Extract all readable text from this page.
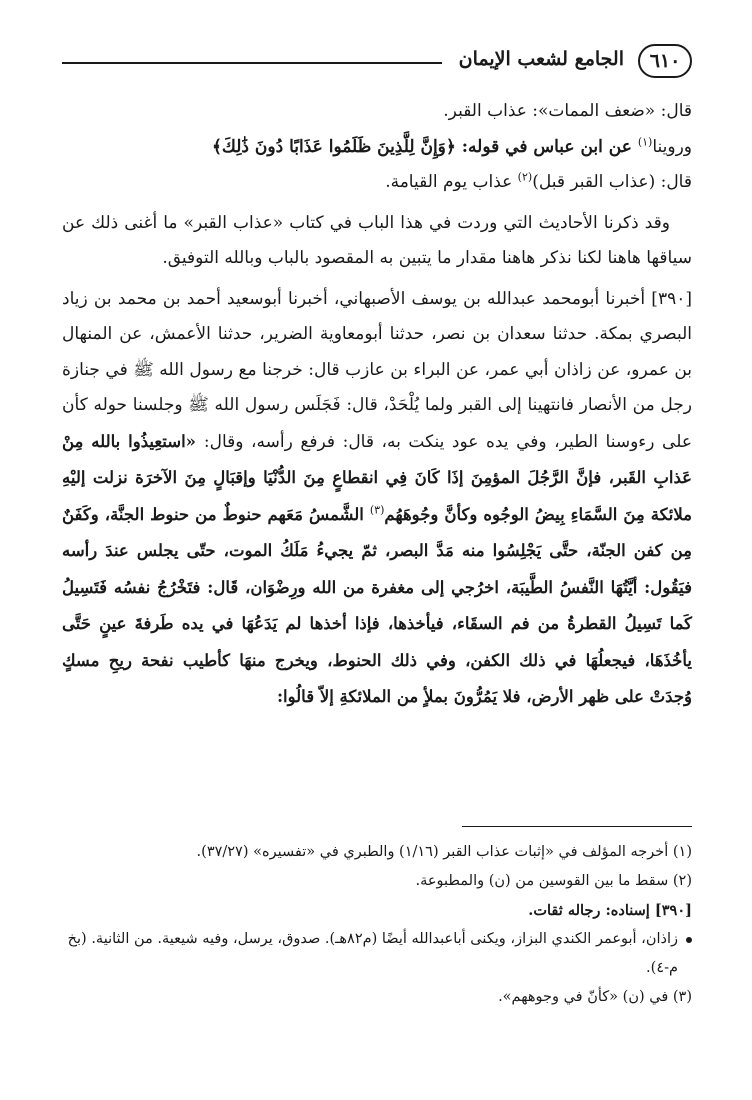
٦١٠
الجامع لشعب الإيمان

قال: «ضعف الممات»: عذاب القبر.

وروينا$^{(١)}$ عن ابن عباس في قوله: ﴿وَإِنَّ لِلَّذِينَ ظَلَمُوا عَذَابًا دُونَ ذَٰلِكَ﴾

قال: (عذاب القبر قبل)$^{(٢)}$ عذاب يوم القيامة.

وقد ذكرنا الأحاديث التي وردت في هذا الباب في كتاب «عذاب القبر» ما أغنى ذلك عن سياقها هاهنا لكنا نذكر هاهنا مقدار ما يتبين به المقصود بالباب وبالله التوفيق.

[٣٩٠] أخبرنا أبومحمد عبدالله بن يوسف الأصبهاني، أخبرنا أبوسعيد أحمد بن محمد بن زياد البصري بمكة. حدثنا سعدان بن نصر، حدثنا أبومعاوية الضرير، حدثنا الأعمش، عن المنهال بن عمرو، عن زاذان أبي عمر، عن البراء بن عازب قال: خرجنا مع رسول الله ﷺ في جنازة رجل من الأنصار فانتهينا إلى القبر ولما يُلْحَدْ، قال: فَجَلَس رسول الله ﷺ وجلسنا حوله كأن على رءوسنا الطير، وفي يده عود ينكت به، قال: فرفع رأسه، وقال: «استعِيذُوا بالله مِنْ عَذابِ القَبر، فإنَّ الرَّجُلَ المؤمِنَ إذَا كَانَ فِي انقطاعٍ مِنَ الدُّنْيَا وإقبَالٍ مِنَ الآخرَة نزلت إليْهِ ملائكة مِنَ السَّمَاءِ بِيضُ الوجُوه وكأنَّ وجُوهَهُم$^{(٣)}$ الشَّمسُ مَعَهم حنوطٌ من حنوط الجنَّة، وكَفَنٌ مِن كفن الجنّة، حتَّى يَجْلِسُوا منه مَدَّ البصر، ثمّ يجيءُ مَلَكُ الموت، حتّى يجلس عندَ رأسه فيَقُول: أيَّتُهَا النَّفسُ الطَّيبَة، اخرُجي إلى مغفرة من الله ورِضْوَان، قَال: فتَخْرُجُ نفسُه فَتَسِيلُ كَما تَسِيلُ القطرةُ من فم السقَاء، فيأخذها، فإذا أخذها لم يَدَعُهَا في يده طَرفةَ عينٍ حَتَّى يأخُذَهَا، فيجعلُهَا في ذلك الكفن، وفي ذلك الحنوط، ويخرج منهَا كأطيب نفحة ريحِ مسكٍ وُجدَتْ على ظهر الأرض، فلا يَمُرُّونَ بملأٍ من الملائكةِ إلاّ قالُوا:

(١) أخرجه المؤلف في «إثبات عذاب القبر (١/١٦) والطبري في «تفسيره» (٣٧/٢٧).

(٢) سقط ما بين القوسين من (ن) والمطبوعة.

[٣٩٠] إسناده: رجاله ثقات.

زاذان، أبوعمر الكندي البزاز، ويكنى أباعبدالله أيضًا (م٨٢هـ). صدوق، يرسل، وفيه شيعية. من الثانية. (بخ م-٤).

(٣) في (ن) «كأنّ في وجوههم».
